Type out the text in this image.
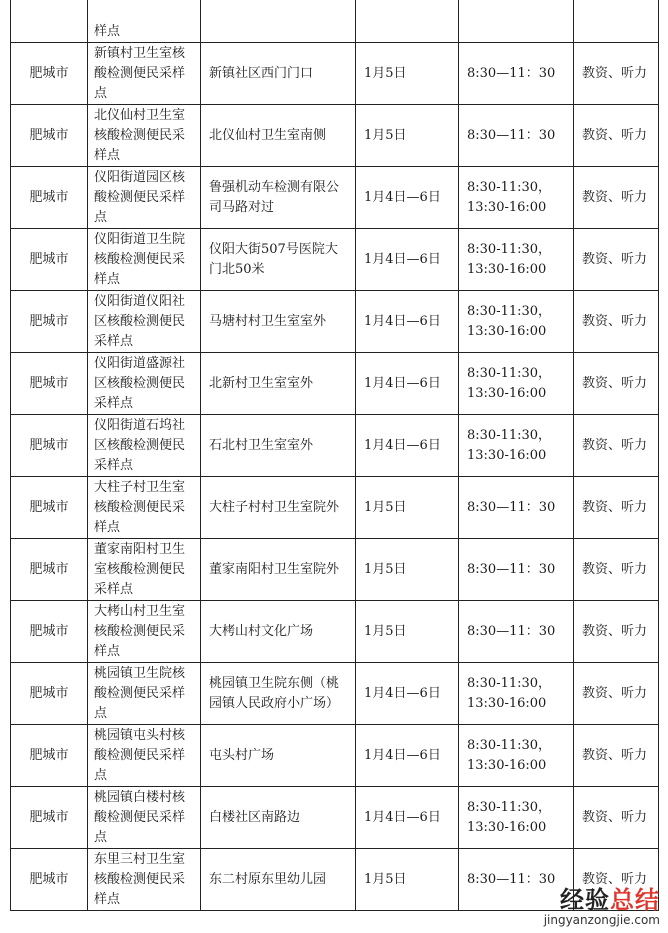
	样点				
肥城市	新镇村卫生室核酸检测便民采样点	新镇社区西门门口	1月5日	8:30—11：30	教资、听力
肥城市	北仪仙村卫生室核酸检测便民采样点	北仪仙村卫生室南侧	1月5日	8:30—11：30	教资、听力
肥城市	仪阳街道园区核酸检测便民采样点	鲁强机动车检测有限公司马路对过	1月4日—6日	8:30-11:30，13:30-16:00	教资、听力
肥城市	仪阳街道卫生院核酸检测便民采样点	仪阳大街507号医院大门北50米	1月4日—6日	8:30-11:30，13:30-16:00	教资、听力
肥城市	仪阳街道仪阳社区核酸检测便民采样点	马塘村村卫生室室外	1月4日—6日	8:30-11:30，13:30-16:00	教资、听力
肥城市	仪阳街道盛源社区核酸检测便民采样点	北新村卫生室室外	1月4日—6日	8:30-11:30，13:30-16:00	教资、听力
肥城市	仪阳街道石坞社区核酸检测便民采样点	石北村卫生室室外	1月4日—6日	8:30-11:30，13:30-16:00	教资、听力
肥城市	大柱子村卫生室核酸检测便民采样点	大柱子村村卫生室院外	1月5日	8:30—11：30	教资、听力
肥城市	董家南阳村卫生室核酸检测便民采样点	董家南阳村卫生室院外	1月5日	8:30—11：30	教资、听力
肥城市	大栲山村卫生室核酸检测便民采样点	大栲山村文化广场	1月5日	8:30—11：30	教资、听力
肥城市	桃园镇卫生院核酸检测便民采样点	桃园镇卫生院东侧（桃园镇人民政府小广场）	1月4日—6日	8:30-11:30，13:30-16:00	教资、听力
肥城市	桃园镇屯头村核酸检测便民采样点	屯头村广场	1月4日—6日	8:30-11:30，13:30-16:00	教资、听力
肥城市	桃园镇白楼村核酸检测便民采样点	白楼社区南路边	1月4日—6日	8:30-11:30，13:30-16:00	教资、听力
肥城市	东里三村卫生室核酸检测便民采样点	东二村原东里幼儿园	1月5日	8:30—11：30	教资、听力
经验总结
jingyanzongjie.com
